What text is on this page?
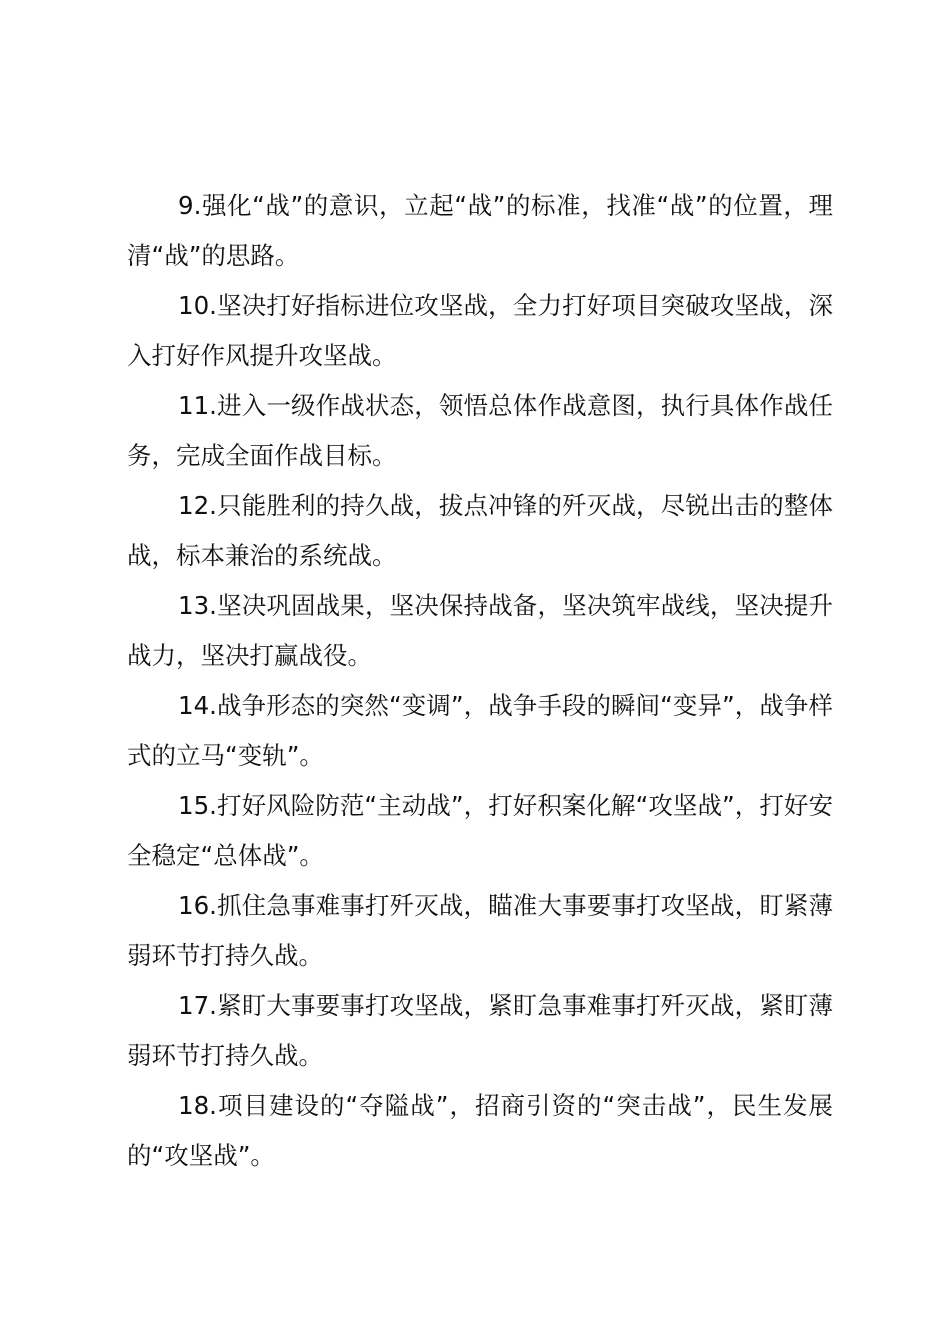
9.强化“战”的意识，立起“战”的标准，找准“战”的位置，理清“战”的思路。

10.坚决打好指标进位攻坚战，全力打好项目突破攻坚战，深入打好作风提升攻坚战。

11.进入一级作战状态，领悟总体作战意图，执行具体作战任务，完成全面作战目标。

12.只能胜利的持久战，拔点冲锋的歼灭战，尽锐出击的整体战，标本兼治的系统战。

13.坚决巩固战果，坚决保持战备，坚决筑牢战线，坚决提升战力，坚决打赢战役。

14.战争形态的突然“变调”，战争手段的瞬间“变异”，战争样式的立马“变轨”。

15.打好风险防范“主动战”，打好积案化解“攻坚战”，打好安全稳定“总体战”。

16.抓住急事难事打歼灭战，瞄准大事要事打攻坚战，盯紧薄弱环节打持久战。

17.紧盯大事要事打攻坚战，紧盯急事难事打歼灭战，紧盯薄弱环节打持久战。

18.项目建设的“夺隘战”，招商引资的“突击战”，民生发展的“攻坚战”。
